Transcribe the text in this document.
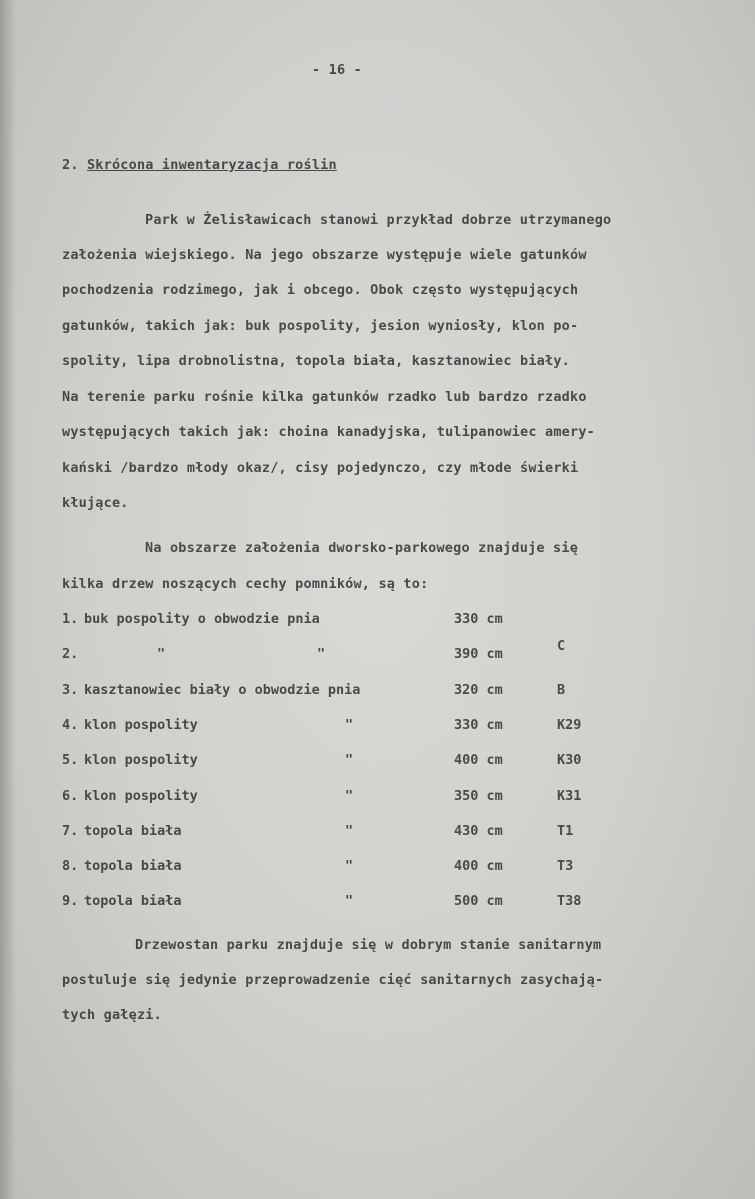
- 16 -
2. Skrócona inwentaryzacja roślin
Park w Żelisławicach stanowi przykład dobrze utrzymanego
założenia wiejskiego. Na jego obszarze występuje wiele gatunków
pochodzenia rodzimego, jak i obcego. Obok często występujących
gatunków, takich jak: buk pospolity, jesion wyniosły, klon po-
spolity, lipa drobnolistna, topola biała, kasztanowiec biały.
Na terenie parku rośnie kilka gatunków rzadko lub bardzo rzadko
występujących takich jak: choina kanadyjska, tulipanowiec amery-
kański /bardzo młody okaz/, cisy pojedynczo, czy młode świerki
kłujące.
Na obszarze założenia dworsko-parkowego znajduje się
kilka drzew noszących cechy pomników, są to:
1. buk pospolity o obwodzie pnia	330 cm
2.	"	"	390 cm	C
3. kasztanowiec biały o obwodzie pnia	320 cm	B
4. klon pospolity	"	330 cm	K29
5. klon pospolity	"	400 cm	K30
6. klon pospolity	"	350 cm	K31
7. topola biała	"	430 cm	T1
8. topola biała	"	400 cm	T3
9. topola biała	"	500 cm	T38
Drzewostan parku znajduje się w dobrym stanie sanitarnym
postuluje się jedynie przeprowadzenie cięć sanitarnych zasychają-
tych gałęzi.
